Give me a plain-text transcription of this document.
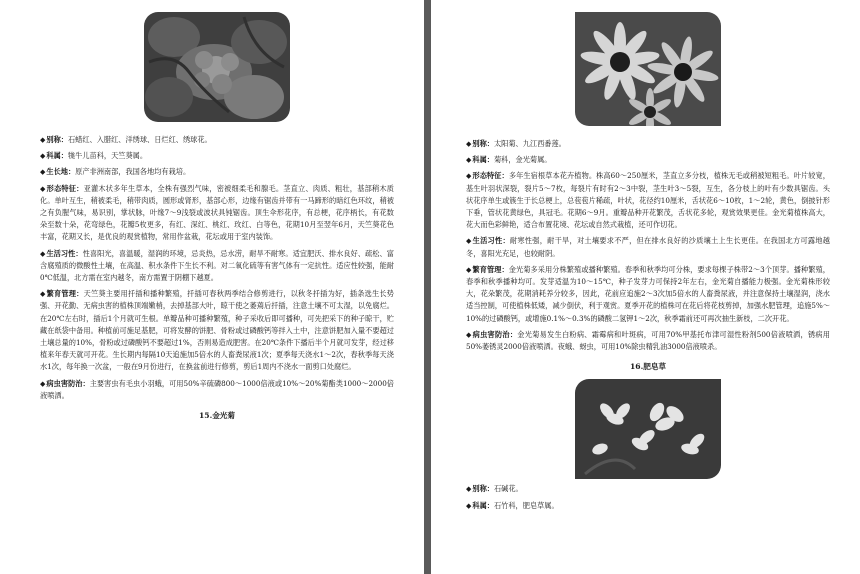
◆别称：石蜡红、入腊红、洋绣球、日烂红、绣球花。

◆科属：牻牛儿苗科，天竺葵属。

◆生长地：原产非洲南部，我国各地均有栽培。

◆形态特征：亚灌木状多年生草本，全株有强烈气味，密被细柔毛和腺毛。茎直立、肉质、粗壮，基部稍木质化。单叶互生，稍被柔毛，稍带肉质，圆形或肾形，基部心形，边缘有锯齿并带有一马蹄形的暗红色环纹，稍被之有负腥气味，易识别，掌状脉，叶缘7～9浅裂或波状具钝锯齿。顶生伞形花序，有总梗，花序柄长，有花数朵至数十朵，花弯绿色，花瓣5枚更多，有红、深红、桃红、玫红、白等色，花期10月至翌年6月，天竺葵花色丰富，花期又长，是优良的观赏植物，常用作盆栽，花坛或用于室内装饰。

◆生活习性：性喜阳光，喜温暖，湿润的环境，忌炎热，忌水涝，耐旱不耐寒。适宜肥沃、排水良好、疏松、富含腐殖质的微酸性土壤，在高温、积水条件下生长不利。对二氧化硫等有害气体有一定抗性。适应性较强，能耐0℃低温，北方需在室内越冬，南方需置于阴棚下越夏。

◆繁育管理：天竺葵主要用扦插和播种繁殖，扦插可春秋两季结合修剪进行，以秋冬扦插为好，插条选生长势强、开花勤、无病虫害的植株顶端嫩梢，去掉基部大叶，晾干使之萎蔫后扦插，注意土壤不可太湿，以免腐烂。在20℃左右时，插后1个月就可生根。单瓣品种可播种繁殖，种子采收后即可播种，可先把采下的种子晾干，贮藏在纸袋中备用。种植前可施足基肥，可将发酵的饼肥、骨粉或过磷酸钙等拌入土中，注意饼肥加入量不要超过土壤总量的10%，骨粉或过磷酸钙不要超过1%，否则易造成肥害。在20℃条件下播后半个月就可发芽，经过移植来年春天就可开花。生长期内每隔10天追施加5倍水的人畜粪尿液1次；夏季每天浇水1～2次，春秋季每天浇水1次，每年换一次盆，一般在9月份进行，在换盆前进行修剪，剪后1周内不浇水一面剪口处腐烂。

◆病虫害防治：主要害虫有毛虫小羽蛾，可用50%辛硫磷800～1000倍液或10%～20%菊酯类1000～2000倍液喷洒。

15.金光菊

◆别称：太阳菊、九江西番莲。

◆科属：菊科，金光菊属。

◆形态特征：多年生宿根草本花卉植物。株高60～250厘米，茎直立多分枝，植株无毛或稍被短粗毛。叶片较宽，基生叶羽状深裂，裂片5～7枚，每裂片有时有2～3中裂，茎生叶3～5裂，互生，各分枝上的叶有少数具锯齿。头状花序单生或簇生于长总梗上，总苞苞片稀疏，叶状，花径约10厘米，舌状花6～10枚，1～2轮，黄色，倒披针形下垂，管状花黄绿色，具冠毛。花期6～9月。重瓣品种开花繁茂，舌状花多轮，观赏效果更佳。金光菊植株高大，花大而色彩鲜艳，适合布置花境、花坛或自然式栽植，还可作切花。

◆生活习性：耐寒性强，耐干旱，对土壤要求不严，但在排水良好的沙质壤土上生长更佳。在我国北方可露地越冬，喜阳光充足，也较耐阴。

◆繁育管理：金光菊多采用分株繁殖或播种繁殖。春季和秋季均可分株，要求每棵子株带2～3个顶芽。播种繁殖，春季和秋季播种均可。发芽适温为10～15℃，种子发芽力可保持2年左右，金光菊自播能力极强。金光菊株形较大，花朵繁茂，花期消耗养分较多，因此，花前应追施2～3次加5倍水的人畜粪尿液，并注意保持土壤湿润，浇水适当控制，可使植株低矮，减少倒伏，利于观赏。夏季开花的植株可在花后将花枝剪掉，加强水肥管理，追施5%～10%的过磷酸钙，或增施0.1%～0.3%的磷酸二氢钾1～2次，秋季霜前还可再次抽生新枝，二次开花。

◆病虫害防治：金光菊易发生白粉病、霜霉病和叶斑病，可用70%甲基托布津可湿性粉剂500倍液喷洒，锈病用50%萎锈灵2000倍液喷洒。夜蛾、蚜虫，可用10%除虫精乳油3000倍液喷杀。

16.肥皂草

◆别称：石碱花。

◆科属：石竹科，肥皂草属。
